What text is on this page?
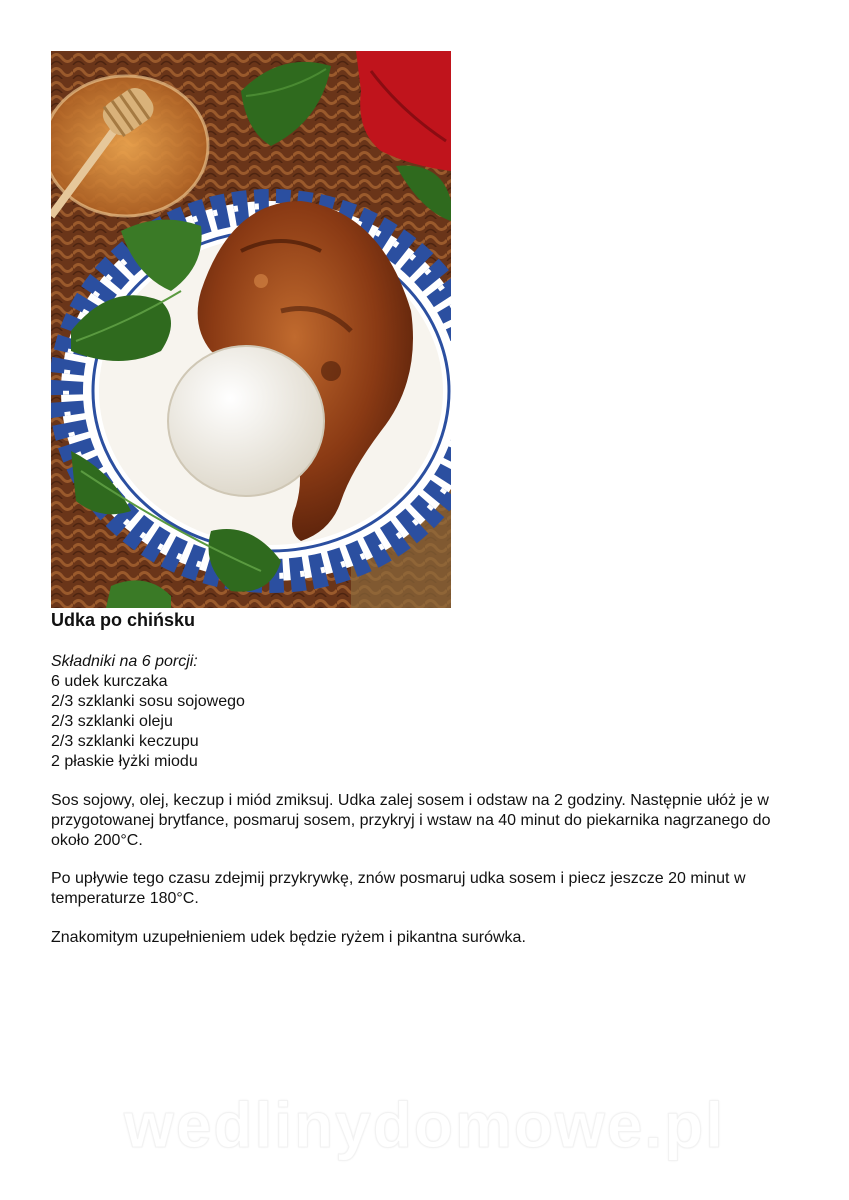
Udka po chińsku
Składniki na 6 porcji:
6 udek kurczaka
2/3 szklanki sosu sojowego
2/3 szklanki oleju
2/3 szklanki keczupu
2 płaskie łyżki miodu

Sos sojowy, olej, keczup i miód zmiksuj. Udka zalej sosem i odstaw na 2 godziny. Następnie ułóż je w przygotowanej brytfance, posmaruj sosem, przykryj i wstaw na 40 minut do piekarnika nagrzanego do około 200°C.

Po upływie tego czasu zdejmij przykrywkę, znów posmaruj udka sosem i piecz jeszcze 20 minut w temperaturze 180°C.

Znakomitym uzupełnieniem udek będzie ryżem i pikantna surówka.

wedlinydomowe.pl
